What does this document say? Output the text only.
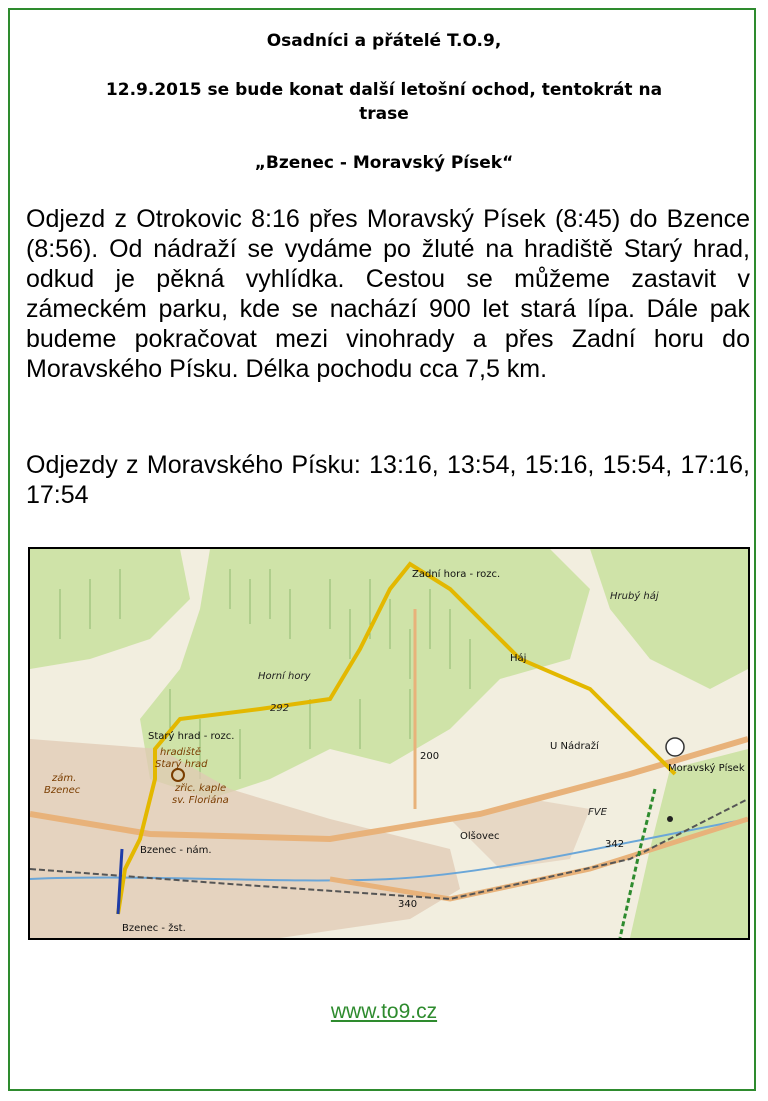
Osadníci a přátelé T.O.9,
12.9.2015 se bude konat další letošní ochod, tentokrát na
trase
„Bzenec - Moravský Písek“
Odjezd z Otrokovic 8:16 přes Moravský Písek (8:45) do Bzence (8:56). Od nádraží se vydáme po žluté na hradiště Starý hrad, odkud je pěkná vyhlídka. Cestou se můžeme zastavit v zámeckém parku, kde se nachází 900 let stará lípa. Dále pak budeme pokračovat mezi vinohrady a přes Zadní horu do Moravského Písku. Délka pochodu cca 7,5 km.
Odjezdy z Moravského Písku: 13:16, 13:54, 15:16, 15:54, 17:16, 17:54
Zadní hora - rozc.
Hrubý háj
Horní hory
292
Háj
Starý hrad - rozc.
hradiště
Starý hrad
U Nádraží
Moravský Písek
zám.
Bzenec	zřic. kaple
sv. Floriána
FVE
Bzenec - nám.
Olšovec
342
340
200
Bzenec - žst.
www.to9.cz
